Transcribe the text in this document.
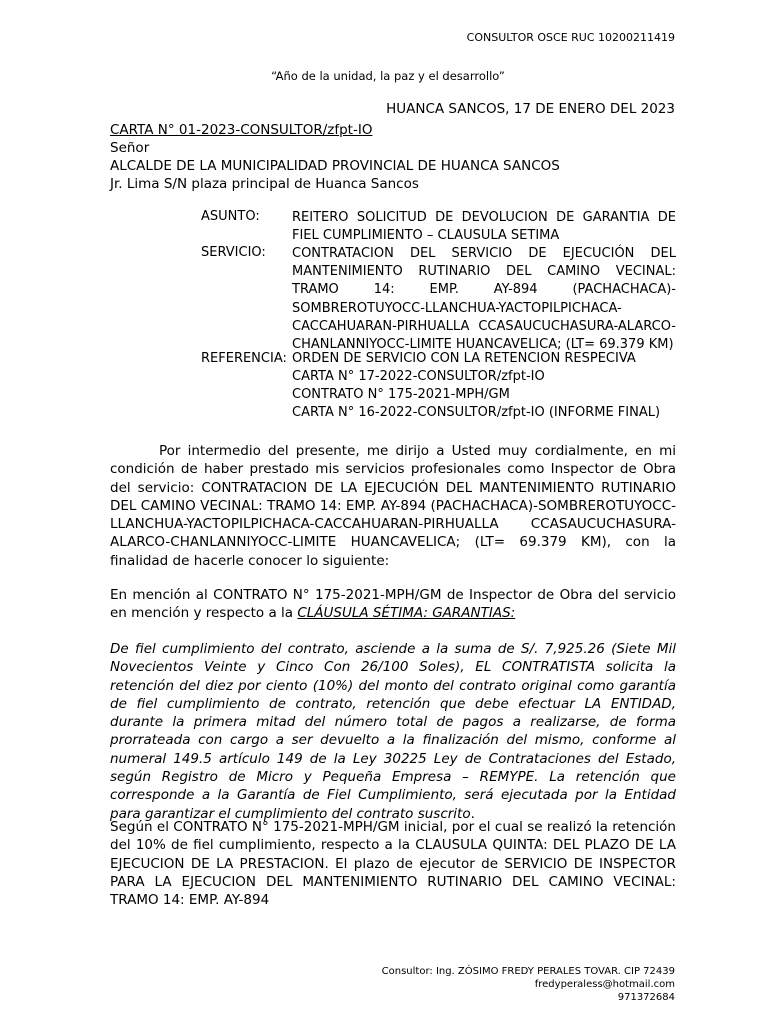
CONSULTOR OSCE RUC 10200211419
“Año de la unidad, la paz y el desarrollo”
HUANCA SANCOS, 17 DE ENERO DEL 2023
CARTA N° 01-2023-CONSULTOR/zfpt-IO
Señor
ALCALDE DE LA MUNICIPALIDAD PROVINCIAL DE HUANCA SANCOS
Jr. Lima S/N plaza principal de Huanca Sancos
ASUNTO: REITERO SOLICITUD DE DEVOLUCION DE GARANTIA DE FIEL CUMPLIMIENTO – CLAUSULA SETIMA
SERVICIO: CONTRATACION DEL SERVICIO DE EJECUCIÓN DEL MANTENIMIENTO RUTINARIO DEL CAMINO VECINAL: TRAMO 14: EMP. AY-894 (PACHACHACA)-SOMBREROTUYOCC-LLANCHUA-YACTOPILPICHACA-CACCAHUARAN-PIRHUALLA CCASAUCUCHASURA-ALARCO-CHANLANNIYOCC-LIMITE HUANCAVELICA; (LT= 69.379 KM)
REFERENCIA: ORDEN DE SERVICIO CON LA RETENCION RESPECIVA
CARTA N° 17-2022-CONSULTOR/zfpt-IO
CONTRATO N° 175-2021-MPH/GM
CARTA N° 16-2022-CONSULTOR/zfpt-IO (INFORME FINAL)
Por intermedio del presente, me dirijo a Usted muy cordialmente, en mi condición de haber prestado mis servicios profesionales como Inspector de Obra del servicio: CONTRATACION DE LA EJECUCIÓN DEL MANTENIMIENTO RUTINARIO DEL CAMINO VECINAL: TRAMO 14: EMP. AY-894 (PACHACHACA)-SOMBREROTUYOCC-LLANCHUA-YACTOPILPICHACA-CACCAHUARAN-PIRHUALLA CCASAUCUCHASURA-ALARCO-CHANLANNIYOCC-LIMITE HUANCAVELICA; (LT= 69.379 KM), con la finalidad de hacerle conocer lo siguiente:
En mención al CONTRATO N° 175-2021-MPH/GM de Inspector de Obra del servicio en mención y respecto a la CLÁUSULA SÉTIMA: GARANTIAS:
De fiel cumplimiento del contrato, asciende a la suma de S/. 7,925.26 (Siete Mil Novecientos Veinte y Cinco Con 26/100 Soles), EL CONTRATISTA solicita la retención del diez por ciento (10%) del monto del contrato original como garantía de fiel cumplimiento de contrato, retención que debe efectuar LA ENTIDAD, durante la primera mitad del número total de pagos a realizarse, de forma prorrateada con cargo a ser devuelto a la finalización del mismo, conforme al numeral 149.5 artículo 149 de la Ley 30225 Ley de Contrataciones del Estado, según Registro de Micro y Pequeña Empresa – REMYPE. La retención que corresponde a la Garantía de Fiel Cumplimiento, será ejecutada por la Entidad para garantizar el cumplimiento del contrato suscrito.
Según el CONTRATO N° 175-2021-MPH/GM inicial, por el cual se realizó la retención del 10% de fiel cumplimiento, respecto a la CLAUSULA QUINTA: DEL PLAZO DE LA EJECUCION DE LA PRESTACION. El plazo de ejecutor de SERVICIO DE INSPECTOR PARA LA EJECUCION DEL MANTENIMIENTO RUTINARIO DEL CAMINO VECINAL: TRAMO 14: EMP. AY-894
Consultor: Ing. ZÓSIMO FREDY PERALES TOVAR. CIP 72439
fredyperaless@hotmail.com
971372684
